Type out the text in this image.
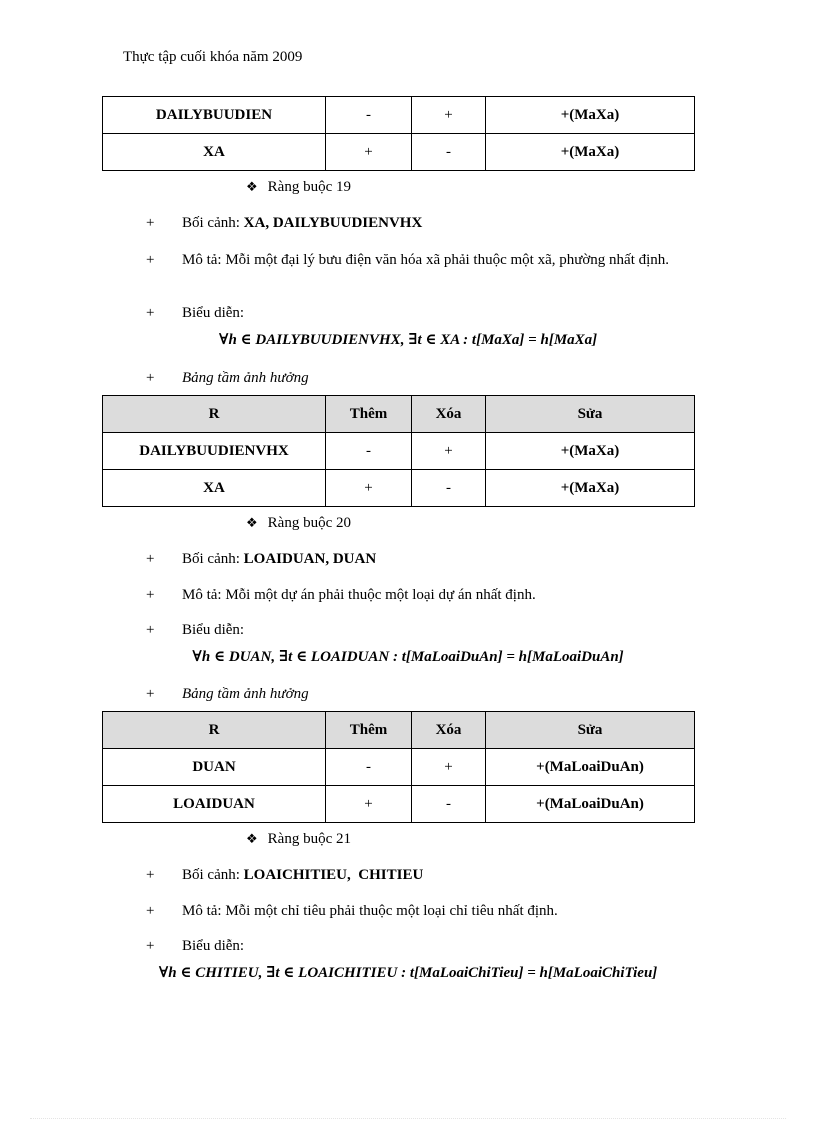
Thực tập cuối khóa năm 2009
DAILYBUUDIEN	-	+	+(MaXa)
XA	+	-	+(MaXa)
❖ Ràng buộc 19
+ Bối cảnh: XA, DAILYBUUDIENVHX
+ Mô tả: Mỗi một đại lý bưu điện văn hóa xã phải thuộc một xã, phường nhất định.
+ Biểu diễn:
∀h ∈ DAILYBUUDIENVHX, ∃t ∈ XA : t[MaXa] = h[MaXa]
+ Bảng tầm ảnh hưởng
R	Thêm	Xóa	Sửa
DAILYBUUDIENVHX	-	+	+(MaXa)
XA	+	-	+(MaXa)
❖ Ràng buộc 20
+ Bối cảnh: LOAIDUAN, DUAN
+ Mô tả: Mỗi một dự án phải thuộc một loại dự án nhất định.
+ Biểu diễn:
∀h ∈ DUAN, ∃t ∈ LOAIDUAN : t[MaLoaiDuAn] = h[MaLoaiDuAn]
+ Bảng tầm ảnh hưởng
R	Thêm	Xóa	Sửa
DUAN	-	+	+(MaLoaiDuAn)
LOAIDUAN	+	-	+(MaLoaiDuAn)
❖ Ràng buộc 21
+ Bối cảnh: LOAICHITIEU,  CHITIEU
+ Mô tả: Mỗi một chỉ tiêu phải thuộc một loại chỉ tiêu nhất định.
+ Biểu diễn:
∀h ∈ CHITIEU, ∃t ∈ LOAICHITIEU : t[MaLoaiChiTieu] = h[MaLoaiChiTieu]
